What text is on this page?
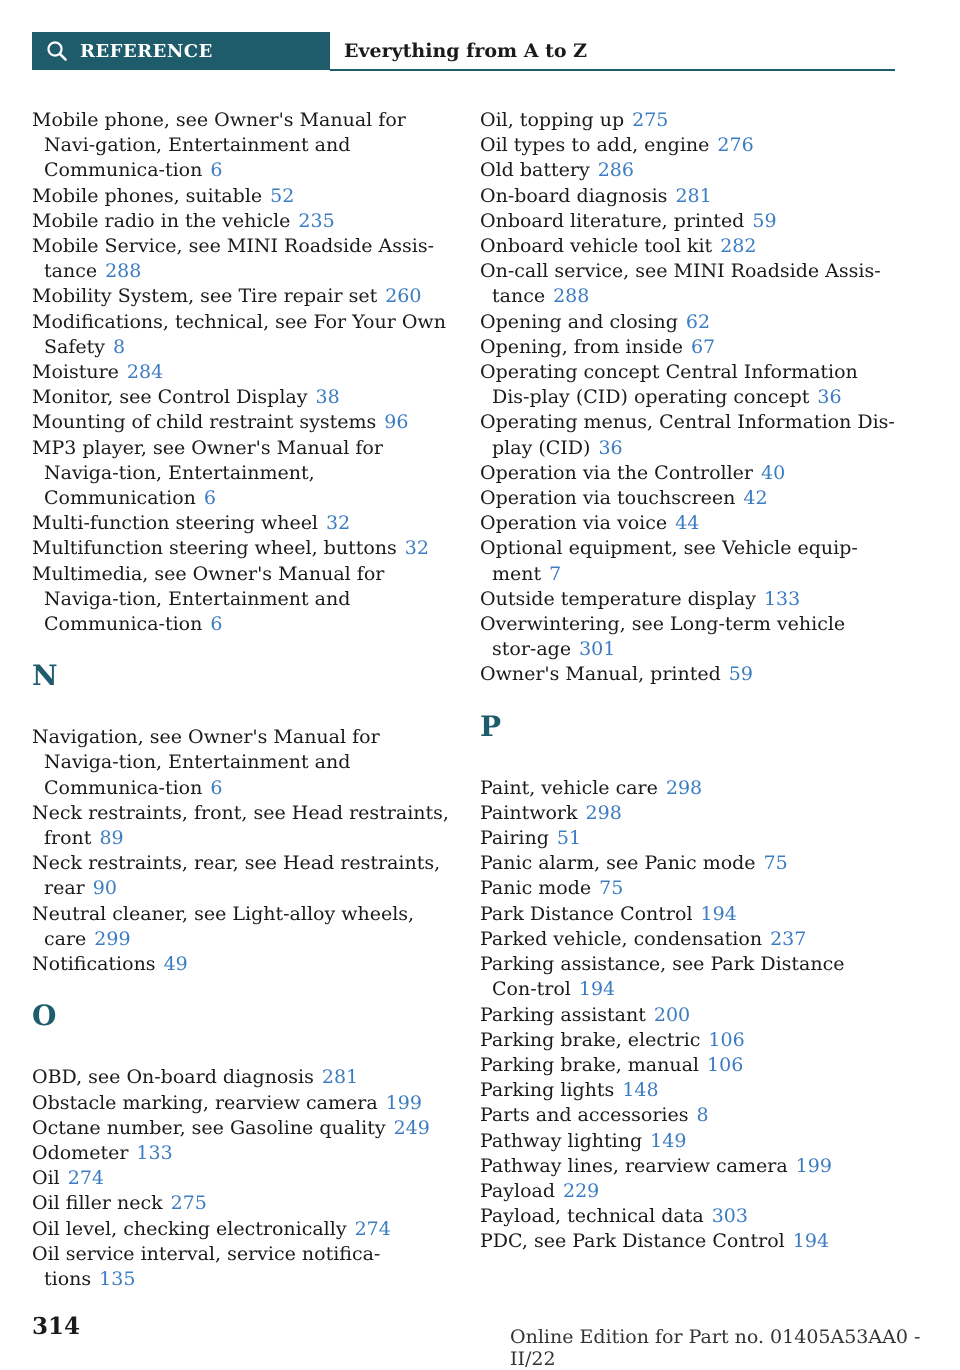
REFERENCE	Everything from A to Z
Mobile phone, see Owner's Manual for Navi-gation, Entertainment and Communica-tion 6
Mobile phones, suitable 52
Mobile radio in the vehicle 235
Mobile Service, see MINI Roadside Assis-tance 288
Mobility System, see Tire repair set 260
Modifications, technical, see For Your Own Safety 8
Moisture 284
Monitor, see Control Display 38
Mounting of child restraint systems 96
MP3 player, see Owner's Manual for Naviga-tion, Entertainment, Communication 6
Multi-function steering wheel 32
Multifunction steering wheel, buttons 32
Multimedia, see Owner's Manual for Naviga-tion, Entertainment and Communica-tion 6
N
Navigation, see Owner's Manual for Naviga-tion, Entertainment and Communica-tion 6
Neck restraints, front, see Head restraints, front 89
Neck restraints, rear, see Head restraints, rear 90
Neutral cleaner, see Light-alloy wheels, care 299
Notifications 49
O
OBD, see On-board diagnosis 281
Obstacle marking, rearview camera 199
Octane number, see Gasoline quality 249
Odometer 133
Oil 274
Oil filler neck 275
Oil level, checking electronically 274
Oil service interval, service notifica-tions 135
Oil, topping up 275
Oil types to add, engine 276
Old battery 286
On-board diagnosis 281
Onboard literature, printed 59
Onboard vehicle tool kit 282
On-call service, see MINI Roadside Assis-tance 288
Opening and closing 62
Opening, from inside 67
Operating concept Central Information Dis-play (CID) operating concept 36
Operating menus, Central Information Dis-play (CID) 36
Operation via the Controller 40
Operation via touchscreen 42
Operation via voice 44
Optional equipment, see Vehicle equip-ment 7
Outside temperature display 133
Overwintering, see Long-term vehicle stor-age 301
Owner's Manual, printed 59
P
Paint, vehicle care 298
Paintwork 298
Pairing 51
Panic alarm, see Panic mode 75
Panic mode 75
Park Distance Control 194
Parked vehicle, condensation 237
Parking assistance, see Park Distance Con-trol 194
Parking assistant 200
Parking brake, electric 106
Parking brake, manual 106
Parking lights 148
Parts and accessories 8
Pathway lighting 149
Pathway lines, rearview camera 199
Payload 229
Payload, technical data 303
PDC, see Park Distance Control 194
314	Online Edition for Part no. 01405A53AA0 - II/22
